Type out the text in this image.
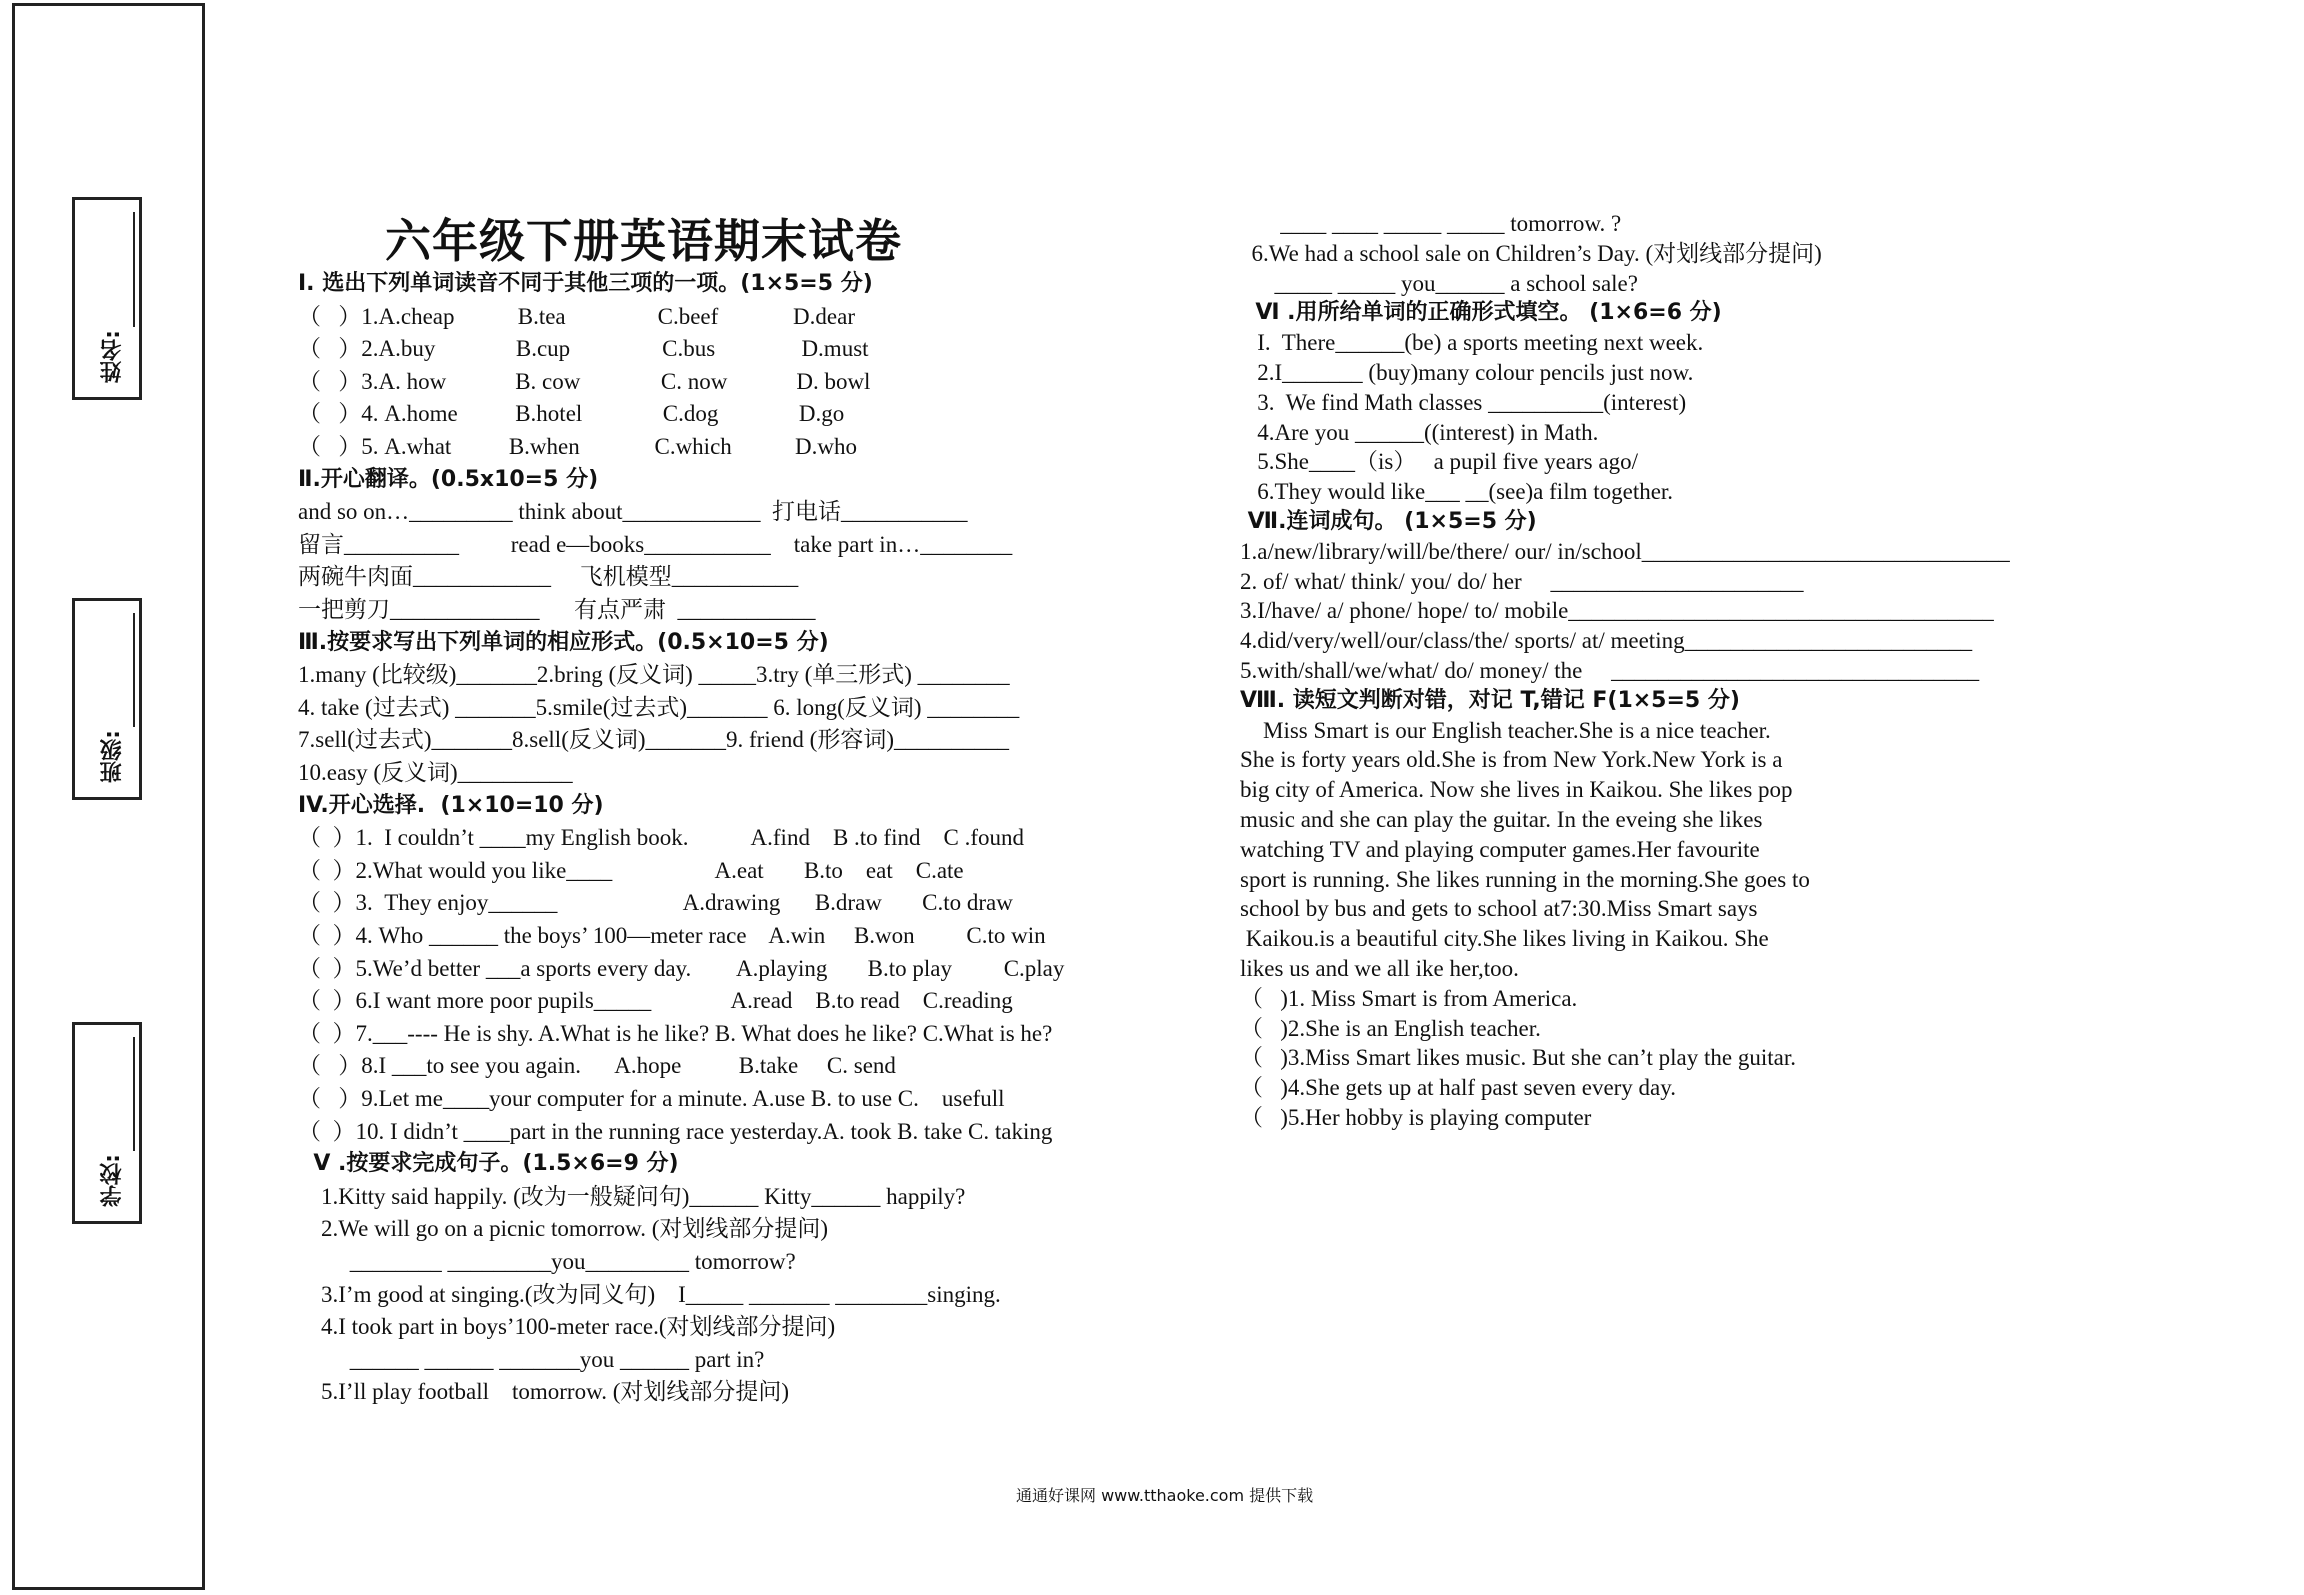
姓名:
班级:
学校:
六年级下册英语期末试卷
Ⅰ. 选出下列单词读音不同于其他三项的一项。(1×5=5 分)
（   ）1.A.cheap           B.tea                C.beef             D.dear
（   ）2.A.buy              B.cup                C.bus               D.must
（   ）3.A. how            B. cow              C. now            D. bowl
（   ）4. A.home          B.hotel              C.dog              D.go
（   ）5. A.what          B.when             C.which           D.who
Ⅱ.开心翻译。(0.5x10=5 分)
and so on…_________ think about____________  打电话___________
留言__________         read e—books___________    take part in…________
两碗牛肉面____________     飞机模型___________
一把剪刀_____________      有点严肃  ____________
Ⅲ.按要求写出下列单词的相应形式。(0.5×10=5 分)
1.many (比较级)_______2.bring (反义词) _____3.try (单三形式) ________
4. take (过去式) _______5.smile(过去式)_______ 6. long(反义词) ________
7.sell(过去式)_______8.sell(反义词)_______9. friend (形容词)__________
10.easy (反义词)__________
IV.开心选择.  (1×10=10 分)
（  ）1.  I couldn’t ____my English book.           A.find    B .to find    C .found
（  ）2.What would you like____                  A.eat       B.to    eat    C.ate
（  ）3.  They enjoy______                      A.drawing      B.draw       C.to draw
（  ）4. Who ______ the boys’ 100—meter race    A.win     B.won         C.to win
（  ）5.We’d better ___a sports every day.        A.playing       B.to play         C.play
（  ）6.I want more poor pupils_____              A.read    B.to read    C.reading
（  ）7.___---- He is shy. A.What is he like? B. What does he like? C.What is he?
（   ）8.I ___to see you again.      A.hope          B.take     C. send
（   ）9.Let me____your computer for a minute. A.use B. to use C.    usefull
（  ）10. I didn’t ____part in the running race yesterday.A. took B. take C. taking
Ⅴ .按要求完成句子。(1.5×6=9 分)
1.Kitty said happily. (改为一般疑问句)______ Kitty______ happily?
2.We will go on a picnic tomorrow. (对划线部分提问)
________ _________you_________ tomorrow?
3.I’m good at singing.(改为同义句)    I_____ _______ ________singing.
4.I took part in boys’100-meter race.(对划线部分提问)
______ ______ _______you ______ part in?
5.I’ll play football    tomorrow. (对划线部分提问)
____ ____ _____ _____ tomorrow. ?
6.We had a school sale on Children’s Day. (对划线部分提问)
_____ _____ you______ a school sale?
Ⅵ .用所给单词的正确形式填空。 (1×6=6 分)
I.  There______(be) a sports meeting next week.
2.I_______ (buy)many colour pencils just now.
3.  We find Math classes __________(interest)
4.Are you ______((interest) in Math.
5.She____（is）   a pupil five years ago/
6.They would like___ __(see)a film together.
Ⅶ.连词成句。 (1×5=5 分)
1.a/new/library/will/be/there/ our/ in/school________________________________
2. of/ what/ think/ you/ do/ her     ______________________
3.I/have/ a/ phone/ hope/ to/ mobile_____________________________________
4.did/very/well/our/class/the/ sports/ at/ meeting_________________________
5.with/shall/we/what/ do/ money/ the     ________________________________
Ⅷ. 读短文判断对错，对记 T,错记 F(1×5=5 分)
Miss Smart is our English teacher.She is a nice teacher.
She is forty years old.She is from New York.New York is a
big city of America. Now she lives in Kaikou. She likes pop
music and she can play the guitar. In the eveing she likes
watching TV and playing computer games.Her favourite
sport is running. She likes running in the morning.She goes to
school by bus and gets to school at7:30.Miss Smart says
Kaikou.is a beautiful city.She likes living in Kaikou. She
likes us and we all ike her,too.
（   )1. Miss Smart is from America.
（   )2.She is an English teacher.
（   )3.Miss Smart likes music. But she can’t play the guitar.
（   )4.She gets up at half past seven every day.
（   )5.Her hobby is playing computer
通通好课网 www.tthaoke.com 提供下载
